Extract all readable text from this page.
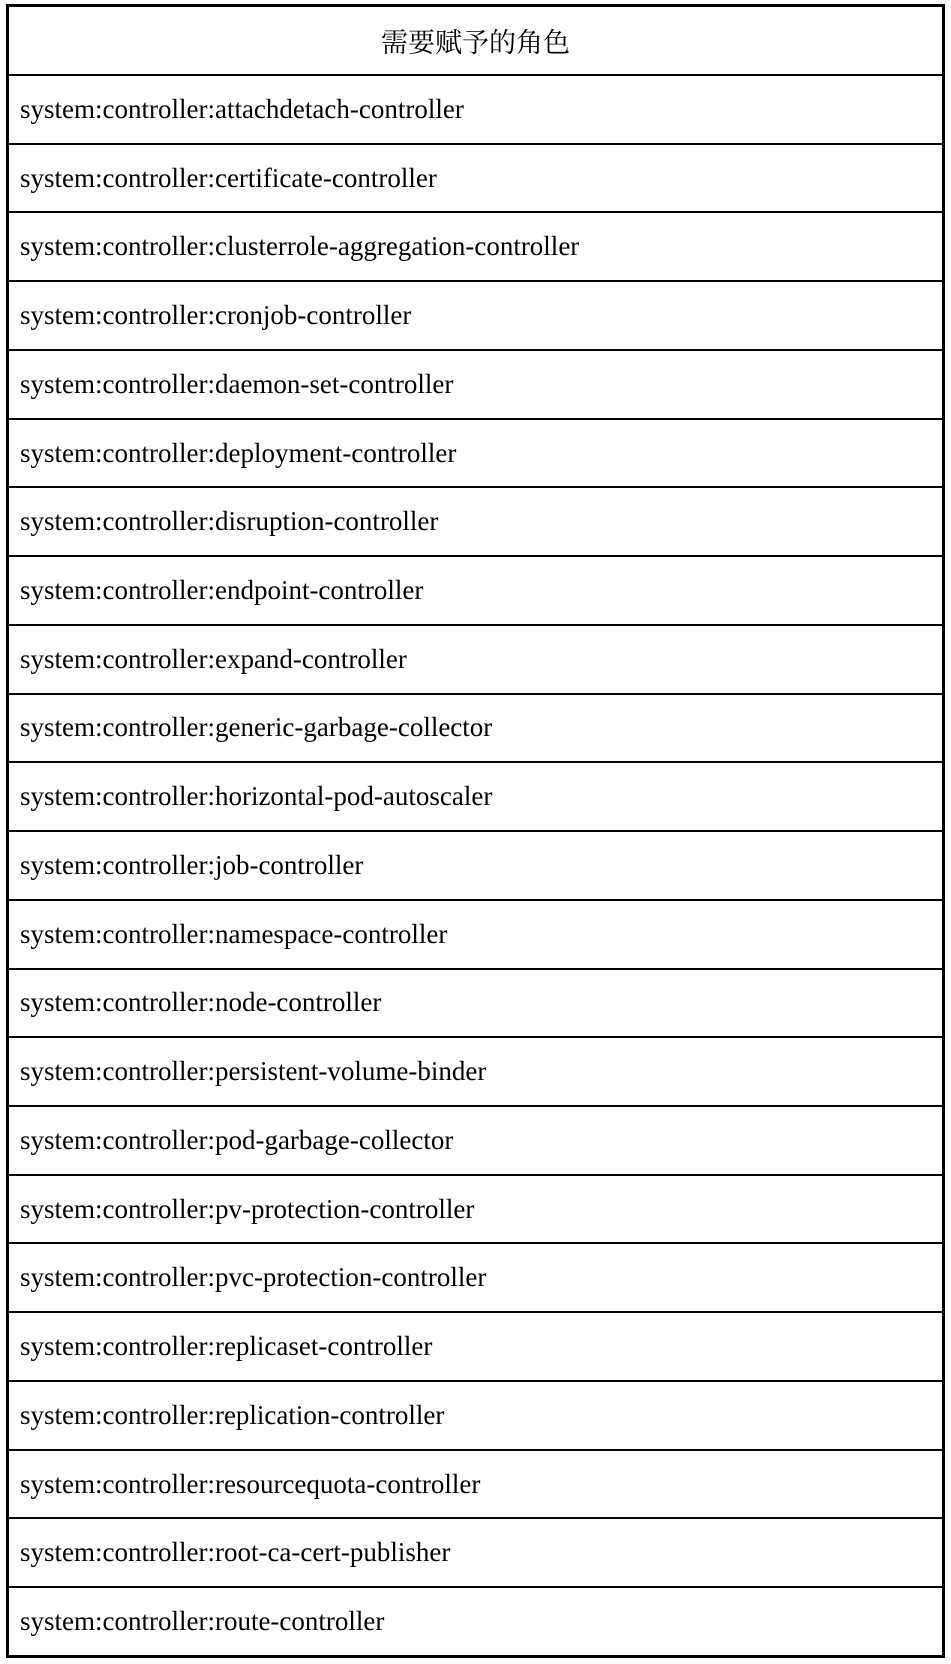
需要赋予的角色
system:controller:attachdetach-controller
system:controller:certificate-controller
system:controller:clusterrole-aggregation-controller
system:controller:cronjob-controller
system:controller:daemon-set-controller
system:controller:deployment-controller
system:controller:disruption-controller
system:controller:endpoint-controller
system:controller:expand-controller
system:controller:generic-garbage-collector
system:controller:horizontal-pod-autoscaler
system:controller:job-controller
system:controller:namespace-controller
system:controller:node-controller
system:controller:persistent-volume-binder
system:controller:pod-garbage-collector
system:controller:pv-protection-controller
system:controller:pvc-protection-controller
system:controller:replicaset-controller
system:controller:replication-controller
system:controller:resourcequota-controller
system:controller:root-ca-cert-publisher
system:controller:route-controller
